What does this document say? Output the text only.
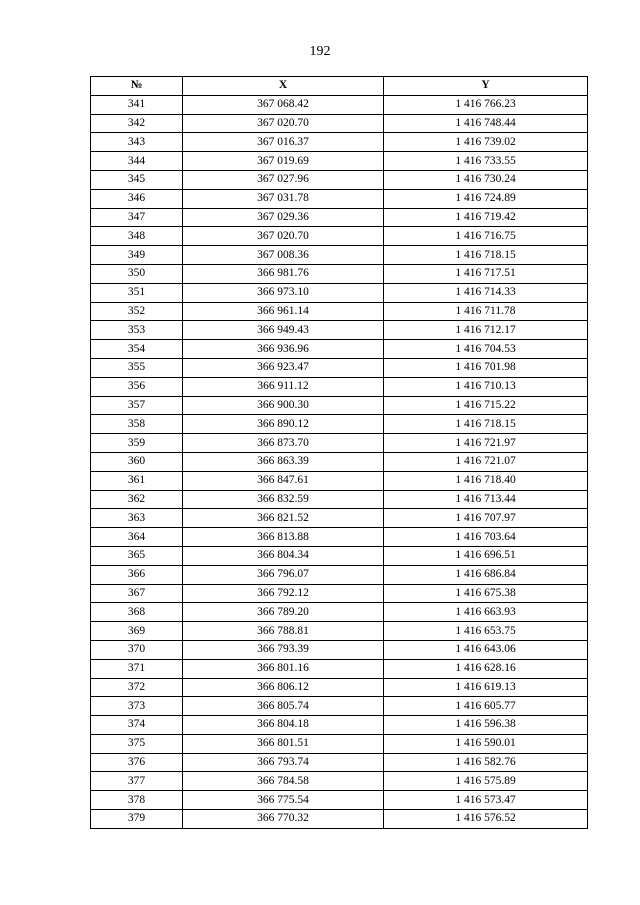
192
№	X	Y
341	367 068.42	1 416 766.23
342	367 020.70	1 416 748.44
343	367 016.37	1 416 739.02
344	367 019.69	1 416 733.55
345	367 027.96	1 416 730.24
346	367 031.78	1 416 724.89
347	367 029.36	1 416 719.42
348	367 020.70	1 416 716.75
349	367 008.36	1 416 718.15
350	366 981.76	1 416 717.51
351	366 973.10	1 416 714.33
352	366 961.14	1 416 711.78
353	366 949.43	1 416 712.17
354	366 936.96	1 416 704.53
355	366 923.47	1 416 701.98
356	366 911.12	1 416 710.13
357	366 900.30	1 416 715.22
358	366 890.12	1 416 718.15
359	366 873.70	1 416 721.97
360	366 863.39	1 416 721.07
361	366 847.61	1 416 718.40
362	366 832.59	1 416 713.44
363	366 821.52	1 416 707.97
364	366 813.88	1 416 703.64
365	366 804.34	1 416 696.51
366	366 796.07	1 416 686.84
367	366 792.12	1 416 675.38
368	366 789.20	1 416 663.93
369	366 788.81	1 416 653.75
370	366 793.39	1 416 643.06
371	366 801.16	1 416 628.16
372	366 806.12	1 416 619.13
373	366 805.74	1 416 605.77
374	366 804.18	1 416 596.38
375	366 801.51	1 416 590.01
376	366 793.74	1 416 582.76
377	366 784.58	1 416 575.89
378	366 775.54	1 416 573.47
379	366 770.32	1 416 576.52
